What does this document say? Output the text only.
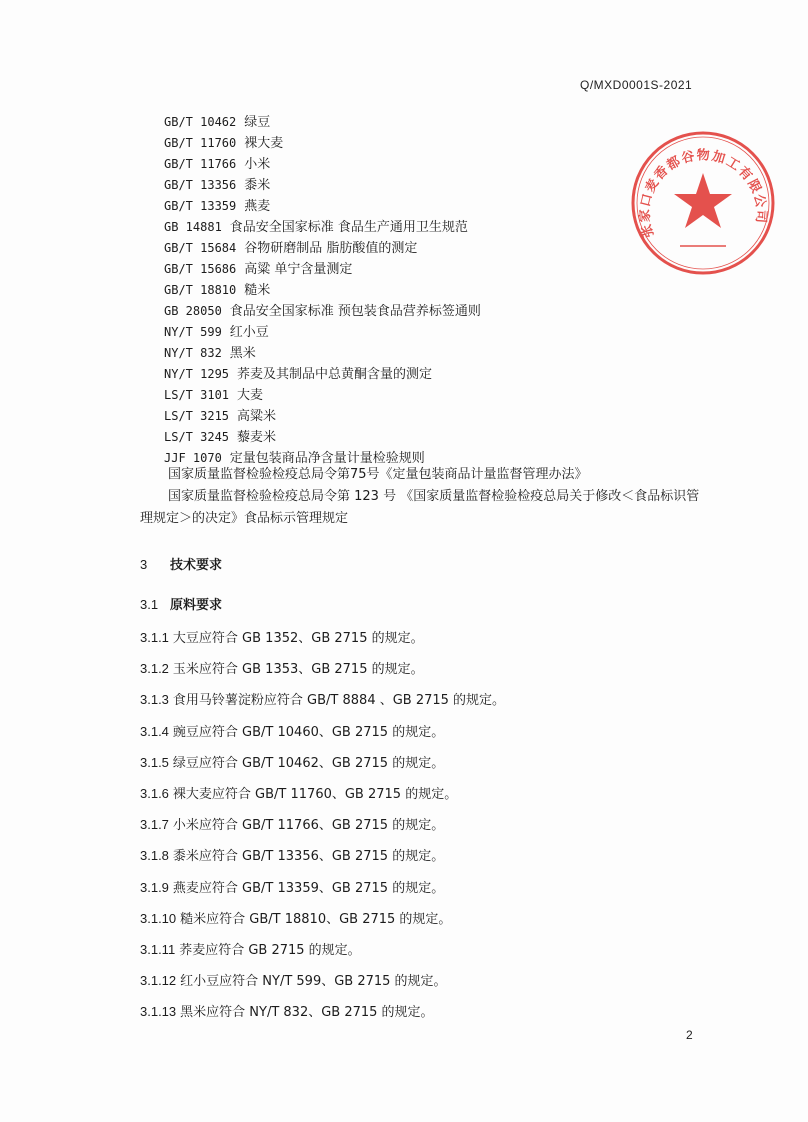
Q/MXD0001S-2021
张家口麦香都谷物加工有限公司
GB/T 10462 绿豆
GB/T 11760 裸大麦
GB/T 11766 小米
GB/T 13356 黍米
GB/T 13359 燕麦
GB 14881 食品安全国家标准 食品生产通用卫生规范
GB/T 15684 谷物研磨制品 脂肪酸值的测定
GB/T 15686 高粱 单宁含量测定
GB/T 18810 糙米
GB 28050 食品安全国家标准 预包装食品营养标签通则
NY/T 599 红小豆
NY/T 832 黑米
NY/T 1295 荞麦及其制品中总黄酮含量的测定
LS/T 3101 大麦
LS/T 3215 高粱米
LS/T 3245 藜麦米
JJF 1070 定量包装商品净含量计量检验规则

国家质量监督检验检疫总局令第75号《定量包装商品计量监督管理办法》

国家质量监督检验检疫总局令第 123 号 《国家质量监督检验检疫总局关于修改＜食品标识管理规定＞的决定》食品标示管理规定

3 技术要求
3.1 原料要求

3.1.1 大豆应符合 GB 1352、GB 2715 的规定。

3.1.2 玉米应符合 GB 1353、GB 2715 的规定。

3.1.3 食用马铃薯淀粉应符合 GB/T 8884 、GB 2715 的规定。

3.1.4 豌豆应符合 GB/T 10460、GB 2715 的规定。

3.1.5 绿豆应符合 GB/T 10462、GB 2715 的规定。

3.1.6 裸大麦应符合 GB/T 11760、GB 2715 的规定。

3.1.7 小米应符合 GB/T 11766、GB 2715 的规定。

3.1.8 黍米应符合 GB/T 13356、GB 2715 的规定。

3.1.9 燕麦应符合 GB/T 13359、GB 2715 的规定。

3.1.10 糙米应符合 GB/T 18810、GB 2715 的规定。

3.1.11 荞麦应符合 GB 2715 的规定。

3.1.12 红小豆应符合 NY/T 599、GB 2715 的规定。

3.1.13 黑米应符合 NY/T 832、GB 2715 的规定。

2
